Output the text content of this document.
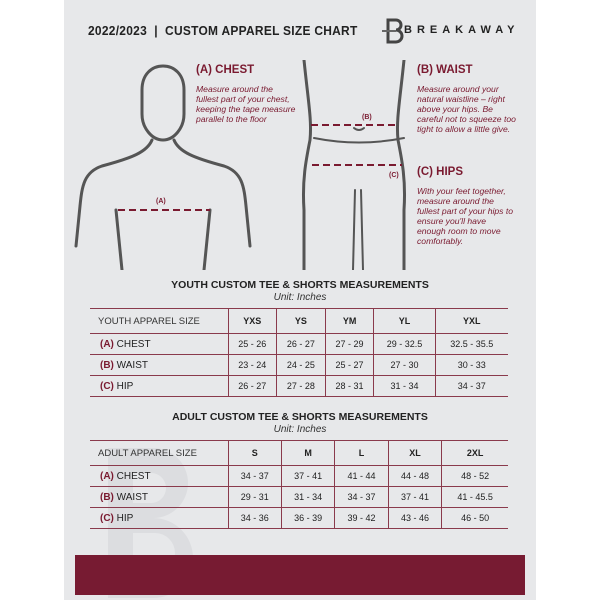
2022/2023  |  CUSTOM APPAREL SIZE CHART	BREAKAWAY
(A)
(B)
(C)
(A) CHEST
Measure around the fullest part of your chest, keeping the tape measure parallel to the floor
(B) WAIST
Measure around your natural waistline – right above your hips. Be careful not to squeeze too tight to allow a little give.
(C) HIPS
With your feet together, measure around the fullest part of your hips to ensure you'll have enough room to move comfortably.
YOUTH CUSTOM TEE & SHORTS MEASUREMENTS
Unit: Inches
YOUTH APPAREL SIZE	YXS	YS	YM	YL	YXL
(A) CHEST	25 - 26	26 - 27	27 - 29	29 - 32.5	32.5 - 35.5
(B) WAIST	23 - 24	24 - 25	25 - 27	27 - 30	30 - 33
(C) HIP	26 - 27	27 - 28	28 - 31	31 - 34	34 - 37
ADULT CUSTOM TEE & SHORTS MEASUREMENTS
Unit: Inches
ADULT APPAREL SIZE	S	M	L	XL	2XL
(A) CHEST	34 - 37	37 - 41	41 - 44	44 - 48	48 - 52
(B) WAIST	29 - 31	31 - 34	34 - 37	37 - 41	41 - 45.5
(C) HIP	34 - 36	36 - 39	39 - 42	43 - 46	46 - 50
